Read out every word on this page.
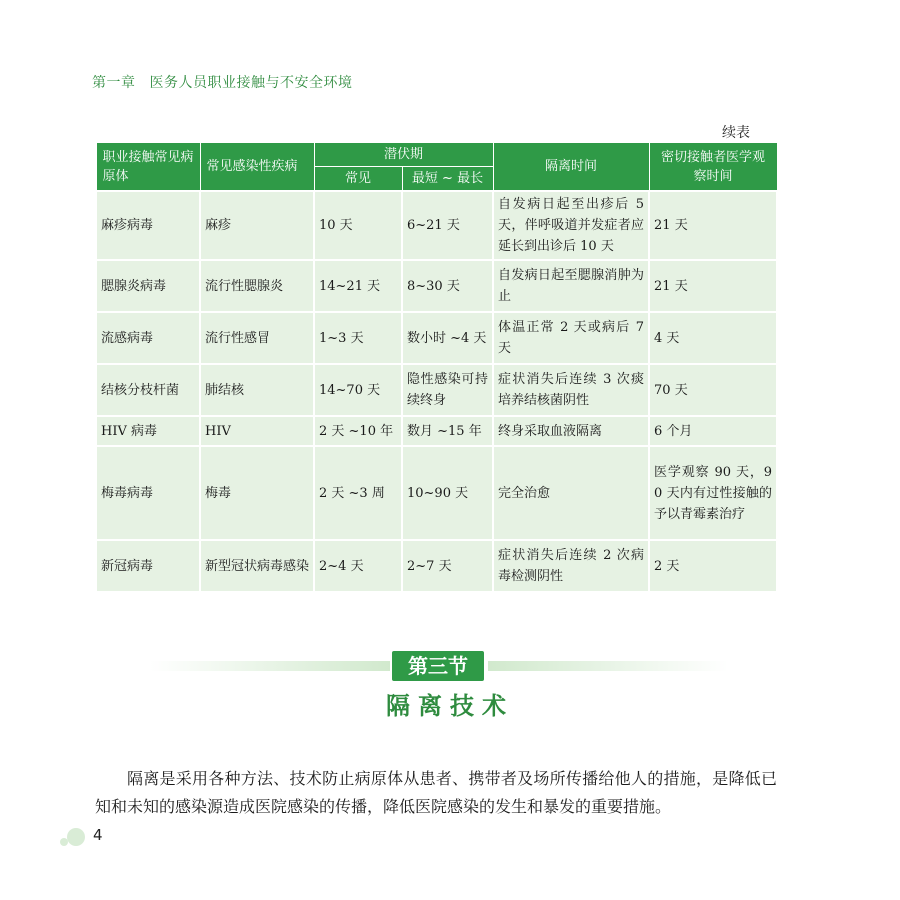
第一章 医务人员职业接触与不安全环境
续表
职业接触常见病原体	常见感染性疾病	潜伏期		隔离时间	密切接触者医学观察时间
		常见	最短 ~ 最长		
麻疹病毒	麻疹	10 天	6~21 天	自发病日起至出疹后 5 天，伴呼吸道并发症者应延长到出诊后 10 天	21 天
腮腺炎病毒	流行性腮腺炎	14~21 天	8~30 天	自发病日起至腮腺消肿为止	21 天
流感病毒	流行性感冒	1~3 天	数小时 ~4 天	体温正常 2 天或病后 7 天	4 天
结核分枝杆菌	肺结核	14~70 天	隐性感染可持续终身	症状消失后连续 3 次痰培养结核菌阴性	70 天
HIV 病毒	HIV	2 天 ~10 年	数月 ~15 年	终身采取血液隔离	6 个月
梅毒病毒	梅毒	2 天 ~3 周	10~90 天	完全治愈	医学观察 90 天，90 天内有过性接触的予以青霉素治疗
新冠病毒	新型冠状病毒感染	2~4 天	2~7 天	症状消失后连续 2 次病毒检测阴性	2 天
第三节
隔离技术

隔离是采用各种方法、技术防止病原体从患者、携带者及场所传播给他人的措施，是降低已知和未知的感染源造成医院感染的传播，降低医院感染的发生和暴发的重要措施。

4
